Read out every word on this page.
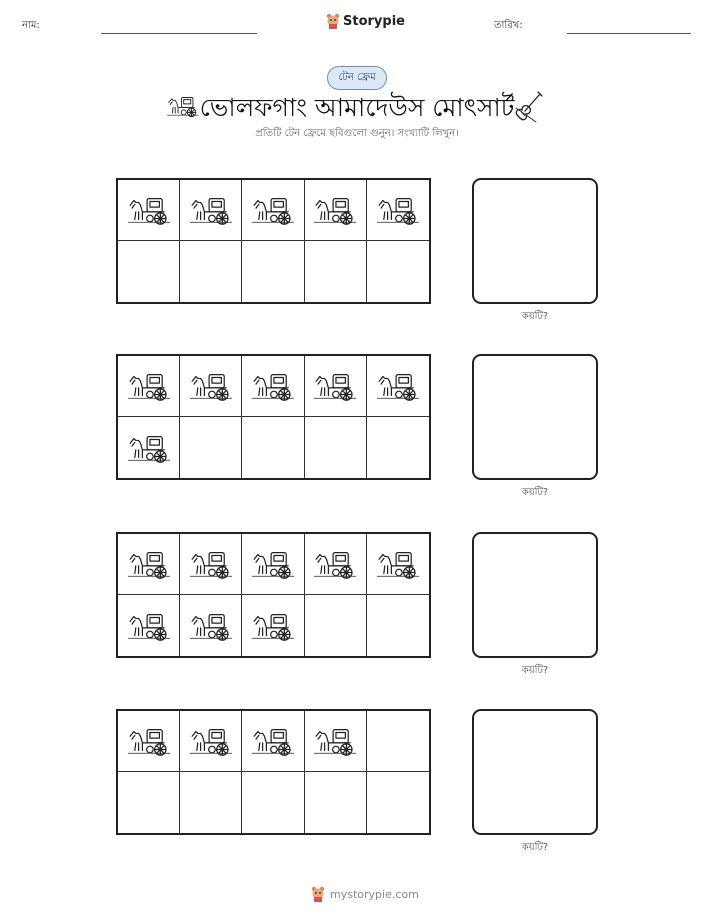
নাম:	Storypie	তারিখ:
টেন ফ্রেম
ভোলফগাং আমাদেউস মোৎসার্ট
প্রতিটি টেন ফ্রেমে ছবিগুলো গুনুন। সংখ্যাটি লিখুন।
কয়টি?
কয়টি?
কয়টি?
কয়টি?
mystorypie.com
